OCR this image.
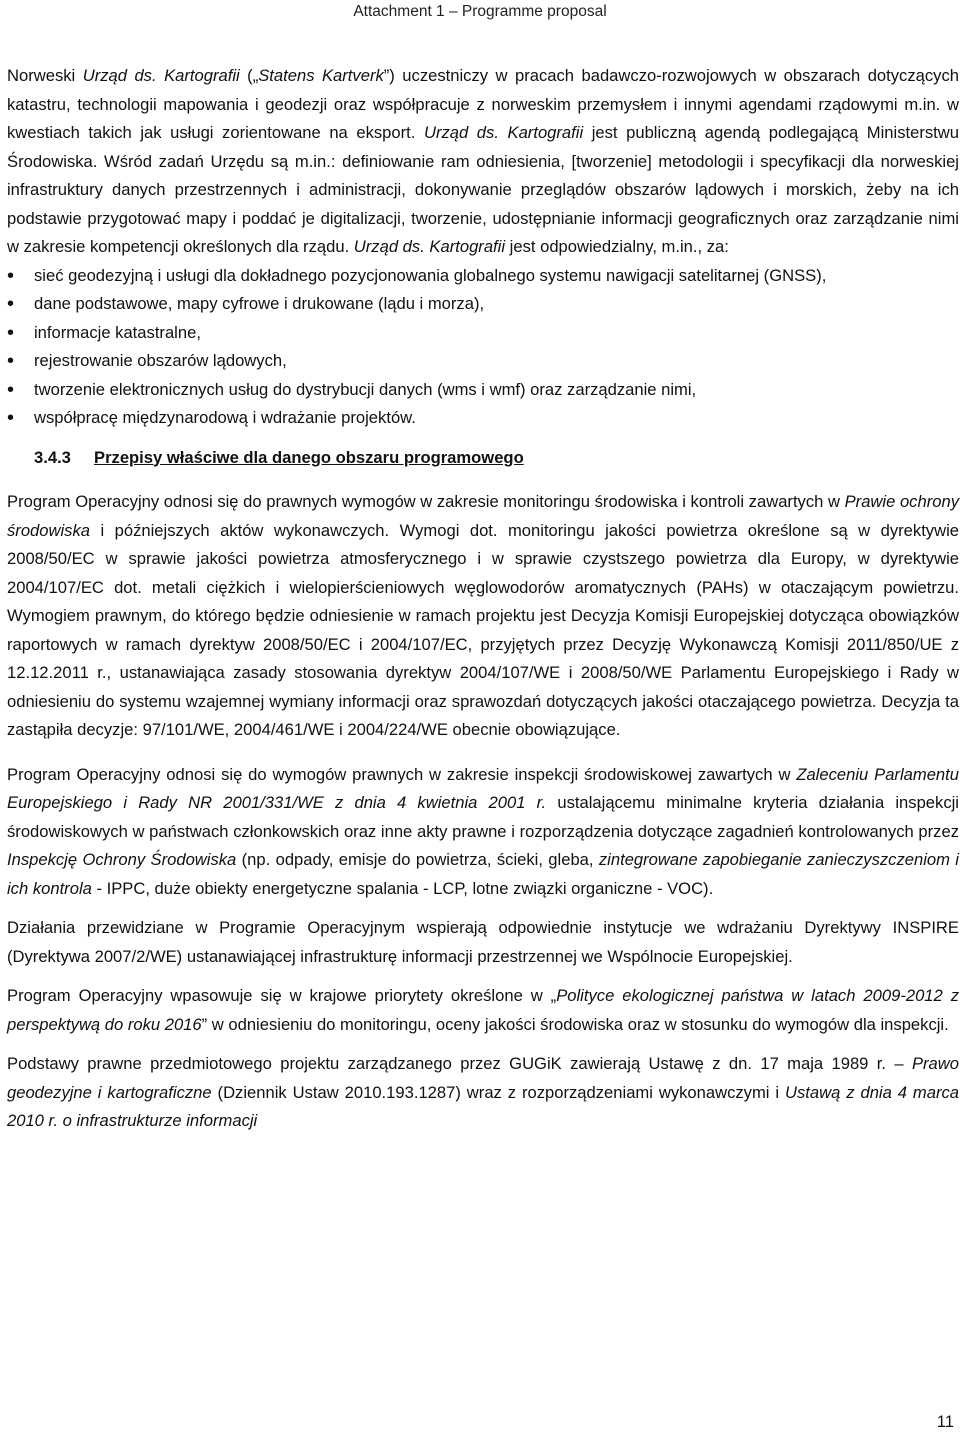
Attachment 1 – Programme proposal

Norweski Urząd ds. Kartografii („Statens Kartverk”) uczestniczy w pracach badawczo-rozwojowych w obszarach dotyczących katastru, technologii mapowania i geodezji oraz współpracuje z norweskim przemysłem i innymi agendami rządowymi m.in. w kwestiach takich jak usługi zorientowane na eksport. Urząd ds. Kartografii jest publiczną agendą podlegającą Ministerstwu Środowiska. Wśród zadań Urzędu są m.in.: definiowanie ram odniesienia, [tworzenie] metodologii i specyfikacji dla norweskiej infrastruktury danych przestrzennych i administracji, dokonywanie przeglądów obszarów lądowych i morskich, żeby na ich podstawie przygotować mapy i poddać je digitalizacji, tworzenie, udostępnianie informacji geograficznych oraz zarządzanie nimi w zakresie kompetencji określonych dla rządu. Urząd ds. Kartografii jest odpowiedzialny, m.in., za:

• sieć geodezyjną i usługi dla dokładnego pozycjonowania globalnego systemu nawigacji satelitarnej (GNSS),
• dane podstawowe, mapy cyfrowe i drukowane (lądu i morza),
• informacje katastralne,
• rejestrowanie obszarów lądowych,
• tworzenie elektronicznych usług do dystrybucji danych (wms i wmf) oraz zarządzanie nimi,
• współpracę międzynarodową i wdrażanie projektów.
3.4.3 Przepisy właściwe dla danego obszaru programowego

Program Operacyjny odnosi się do prawnych wymogów w zakresie monitoringu środowiska i kontroli zawartych w Prawie ochrony środowiska i późniejszych aktów wykonawczych. Wymogi dot. monitoringu jakości powietrza określone są w dyrektywie 2008/50/EC w sprawie jakości powietrza atmosferycznego i w sprawie czystszego powietrza dla Europy, w dyrektywie 2004/107/EC dot. metali ciężkich i wielopierścieniowych węglowodorów aromatycznych (PAHs) w otaczającym powietrzu. Wymogiem prawnym, do którego będzie odniesienie w ramach projektu jest Decyzja Komisji Europejskiej dotycząca obowiązków raportowych w ramach dyrektyw 2008/50/EC i 2004/107/EC, przyjętych przez Decyzję Wykonawczą Komisji 2011/850/UE z 12.12.2011 r., ustanawiająca zasady stosowania dyrektyw 2004/107/WE i 2008/50/WE Parlamentu Europejskiego i Rady w odniesieniu do systemu wzajemnej wymiany informacji oraz sprawozdań dotyczących jakości otaczającego powietrza. Decyzja ta zastąpiła decyzje: 97/101/WE, 2004/461/WE i 2004/224/WE obecnie obowiązujące.

Program Operacyjny odnosi się do wymogów prawnych w zakresie inspekcji środowiskowej zawartych w Zaleceniu Parlamentu Europejskiego i Rady NR 2001/331/WE z dnia 4 kwietnia 2001 r. ustalającemu minimalne kryteria działania inspekcji środowiskowych w państwach członkowskich oraz inne akty prawne i rozporządzenia dotyczące zagadnień kontrolowanych przez Inspekcję Ochrony Środowiska (np. odpady, emisje do powietrza, ścieki, gleba, zintegrowane zapobieganie zanieczyszczeniom i ich kontrola - IPPC, duże obiekty energetyczne spalania - LCP, lotne związki organiczne - VOC).

Działania przewidziane w Programie Operacyjnym wspierają odpowiednie instytucje we wdrażaniu Dyrektywy INSPIRE (Dyrektywa 2007/2/WE) ustanawiającej infrastrukturę informacji przestrzennej we Wspólnocie Europejskiej.

Program Operacyjny wpasowuje się w krajowe priorytety określone w „Polityce ekologicznej państwa w latach 2009-2012 z perspektywą do roku 2016” w odniesieniu do monitoringu, oceny jakości środowiska oraz w stosunku do wymogów dla inspekcji.

Podstawy prawne przedmiotowego projektu zarządzanego przez GUGiK zawierają Ustawę z dn. 17 maja 1989 r. – Prawo geodezyjne i kartograficzne (Dziennik Ustaw 2010.193.1287) wraz z rozporządzeniami wykonawczymi i Ustawą z dnia 4 marca 2010 r. o infrastrukturze informacji

11
